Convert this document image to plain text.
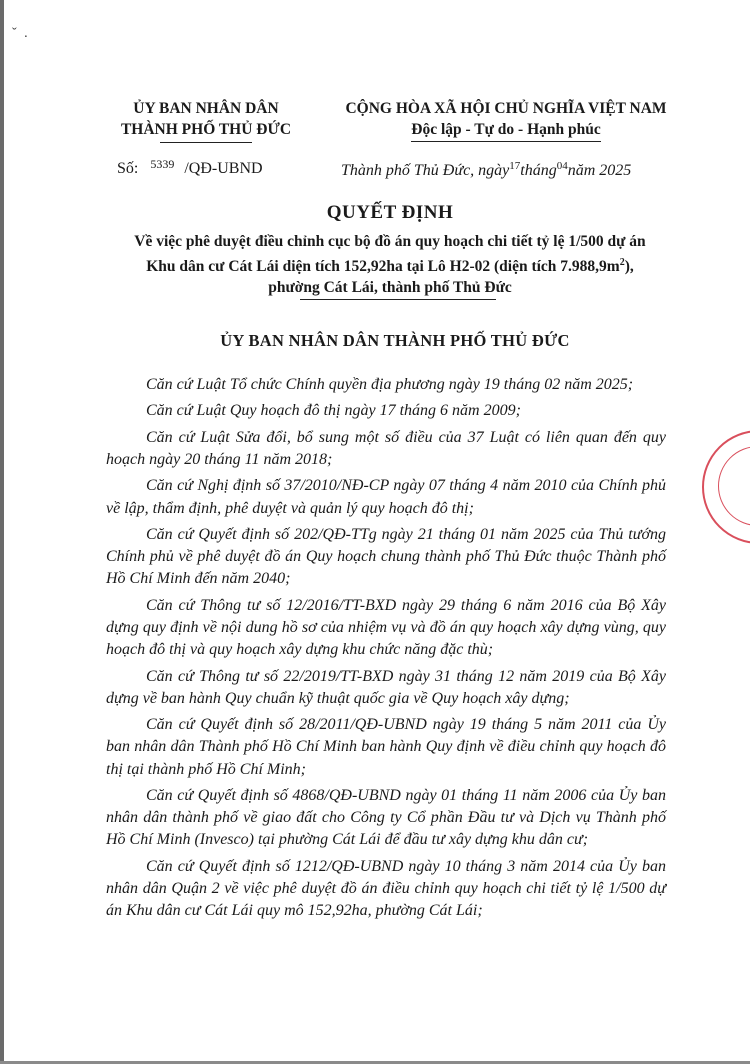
ˇ .
ỦY BAN NHÂN DÂN
THÀNH PHỐ THỦ ĐỨC
CỘNG HÒA XÃ HỘI CHỦ NGHĨA VIỆT NAM
Độc lập - Tự do - Hạnh phúc
Số: $^{5339}$ /QĐ-UBND	Thành phố Thủ Đức, ngày$^{17}$tháng$^{04}$năm 2025
QUYẾT ĐỊNH
Về việc phê duyệt điều chỉnh cục bộ đồ án quy hoạch chi tiết tỷ lệ 1/500 dự án
Khu dân cư Cát Lái diện tích 152,92ha tại Lô H2-02 (diện tích $7.988,9m^2$),
phường Cát Lái, thành phố Thủ Đức
ỦY BAN NHÂN DÂN THÀNH PHỐ THỦ ĐỨC

Căn cứ Luật Tổ chức Chính quyền địa phương ngày 19 tháng 02 năm 2025;

Căn cứ Luật Quy hoạch đô thị ngày 17 tháng 6 năm 2009;

Căn cứ Luật Sửa đổi, bổ sung một số điều của 37 Luật có liên quan đến quy hoạch ngày 20 tháng 11 năm 2018;

Căn cứ Nghị định số 37/2010/NĐ-CP ngày 07 tháng 4 năm 2010 của Chính phủ về lập, thẩm định, phê duyệt và quản lý quy hoạch đô thị;

Căn cứ Quyết định số 202/QĐ-TTg ngày 21 tháng 01 năm 2025 của Thủ tướng Chính phủ về phê duyệt đồ án Quy hoạch chung thành phố Thủ Đức thuộc Thành phố Hồ Chí Minh đến năm 2040;

Căn cứ Thông tư số 12/2016/TT-BXD ngày 29 tháng 6 năm 2016 của Bộ Xây dựng quy định về nội dung hồ sơ của nhiệm vụ và đồ án quy hoạch xây dựng vùng, quy hoạch đô thị và quy hoạch xây dựng khu chức năng đặc thù;

Căn cứ Thông tư số 22/2019/TT-BXD ngày 31 tháng 12 năm 2019 của Bộ Xây dựng về ban hành Quy chuẩn kỹ thuật quốc gia về Quy hoạch xây dựng;

Căn cứ Quyết định số 28/2011/QĐ-UBND ngày 19 tháng 5 năm 2011 của Ủy ban nhân dân Thành phố Hồ Chí Minh ban hành Quy định về điều chỉnh quy hoạch đô thị tại thành phố Hồ Chí Minh;

Căn cứ Quyết định số 4868/QĐ-UBND ngày 01 tháng 11 năm 2006 của Ủy ban nhân dân thành phố về giao đất cho Công ty Cổ phần Đầu tư và Dịch vụ Thành phố Hồ Chí Minh (Invesco) tại phường Cát Lái để đầu tư xây dựng khu dân cư;

Căn cứ Quyết định số 1212/QĐ-UBND ngày 10 tháng 3 năm 2014 của Ủy ban nhân dân Quận 2 về việc phê duyệt đồ án điều chỉnh quy hoạch chi tiết tỷ lệ 1/500 dự án Khu dân cư Cát Lái quy mô 152,92ha, phường Cát Lái;
